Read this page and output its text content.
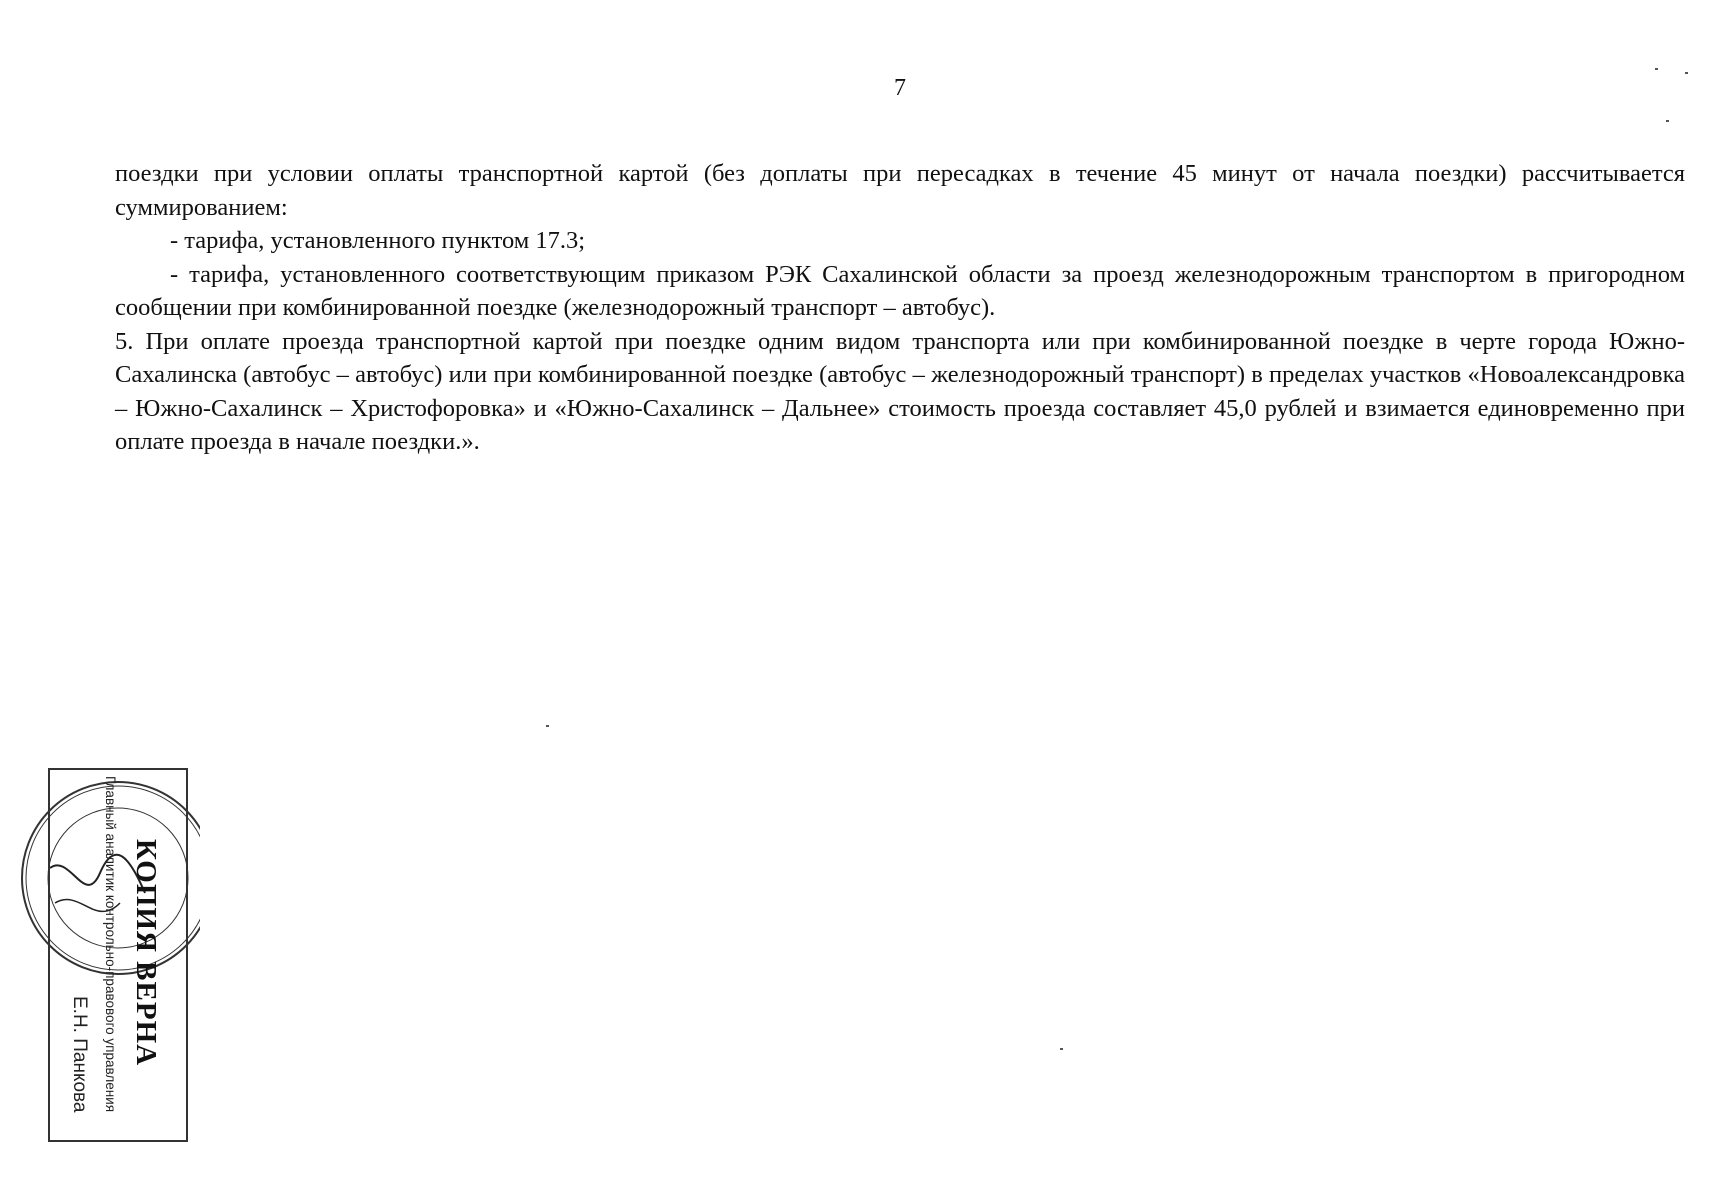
7

поездки при условии оплаты транспортной картой (без доплаты при пересадках в течение 45 минут от начала поездки) рассчитывается суммированием:

- тарифа, установленного пунктом 17.3;

- тарифа, установленного соответствующим приказом РЭК Сахалинской области за проезд железнодорожным транспортом в пригородном сообщении при комбинированной поездке (железнодорожный транспорт – автобус).

5. При оплате проезда транспортной картой при поездке одним видом транспорта или при комбинированной поездке в черте города Южно-Сахалинска (автобус – автобус) или при комбинированной поездке (автобус – железнодорожный транспорт) в пределах участков «Новоалександровка – Южно-Сахалинск – Христофоровка» и «Южно-Сахалинск – Дальнее» стоимость проезда составляет 45,0 рублей и взимается единовременно при оплате проезда в начале поездки.».

Главный аналитик контрольно-правового управления КОПИЯ ВЕРНА
Е.Н. Панкова
